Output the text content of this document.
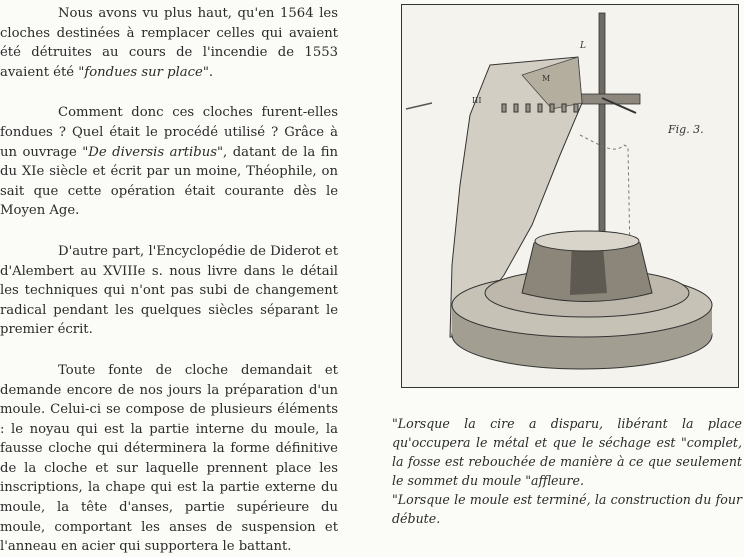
Nous avons vu plus haut, qu'en 1564 les cloches destinées à remplacer celles qui avaient été détruites au cours de l'incendie de 1553 avaient été "fondues sur place".

Comment donc ces cloches furent-elles fondues ? Quel était le procédé utilisé ? Grâce à un ouvrage "De diversis artibus", datant de la fin du XIe siècle et écrit par un moine, Théophile, on sait que cette opération était courante dès le Moyen Age.

D'autre part, l'Encyclopédie de Diderot et d'Alembert au XVIIIe s. nous livre dans le détail les techniques qui n'ont pas subi de changement radical pendant les quelques siècles séparant le premier écrit.

Toute fonte de cloche demandait et demande encore de nos jours la préparation d'un moule. Celui-ci se compose de plusieurs éléments : le noyau qui est la partie interne du moule, la fausse cloche qui déterminera la forme définitive de la cloche et sur laquelle prennent place les inscriptions, la chape qui est la partie externe du moule, la tête d'anses, partie supérieure du moule, comportant les anses de suspension et l'anneau en acier qui supportera le battant.

L
M
III
Fig. 3.

"Lorsque la cire a disparu, libérant la place qu'occupera le métal et que le séchage est "complet, la fosse est rebouchée de manière à ce que seulement le sommet du moule "affleure.

"Lorsque le moule est terminé, la construction du four débute.
